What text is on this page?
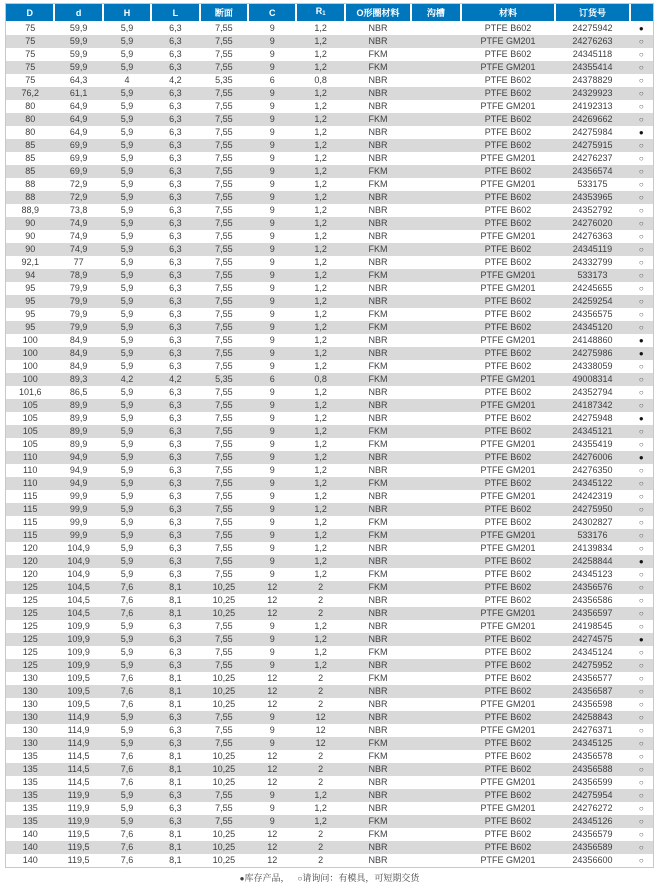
D	d	H	L	断面	C	$R_1$	O形圈材料	沟槽	材料	订货号	
75	59,9	5,9	6,3	7,55	9	1,2	NBR		PTFE B602	24275942	●
75	59,9	5,9	6,3	7,55	9	1,2	NBR		PTFE GM201	24276263	○
75	59,9	5,9	6,3	7,55	9	1,2	FKM		PTFE B602	24345118	○
75	59,9	5,9	6,3	7,55	9	1,2	FKM		PTFE GM201	24355414	○
75	64,3	4	4,2	5,35	6	0,8	NBR		PTFE B602	24378829	○
76,2	61,1	5,9	6,3	7,55	9	1,2	NBR		PTFE B602	24329923	○
80	64,9	5,9	6,3	7,55	9	1,2	NBR		PTFE GM201	24192313	○
80	64,9	5,9	6,3	7,55	9	1,2	FKM		PTFE B602	24269662	○
80	64,9	5,9	6,3	7,55	9	1,2	NBR		PTFE B602	24275984	●
85	69,9	5,9	6,3	7,55	9	1,2	NBR		PTFE B602	24275915	○
85	69,9	5,9	6,3	7,55	9	1,2	NBR		PTFE GM201	24276237	○
85	69,9	5,9	6,3	7,55	9	1,2	FKM		PTFE B602	24356574	○
88	72,9	5,9	6,3	7,55	9	1,2	FKM		PTFE GM201	533175	○
88	72,9	5,9	6,3	7,55	9	1,2	NBR		PTFE B602	24353965	○
88,9	73,8	5,9	6,3	7,55	9	1,2	NBR		PTFE B602	24352792	○
90	74,9	5,9	6,3	7,55	9	1,2	NBR		PTFE B602	24276020	○
90	74,9	5,9	6,3	7,55	9	1,2	NBR		PTFE GM201	24276363	○
90	74,9	5,9	6,3	7,55	9	1,2	FKM		PTFE B602	24345119	○
92,1	77	5,9	6,3	7,55	9	1,2	NBR		PTFE B602	24332799	○
94	78,9	5,9	6,3	7,55	9	1,2	FKM		PTFE GM201	533173	○
95	79,9	5,9	6,3	7,55	9	1,2	NBR		PTFE GM201	24245655	○
95	79,9	5,9	6,3	7,55	9	1,2	NBR		PTFE B602	24259254	○
95	79,9	5,9	6,3	7,55	9	1,2	FKM		PTFE B602	24356575	○
95	79,9	5,9	6,3	7,55	9	1,2	FKM		PTFE B602	24345120	○
100	84,9	5,9	6,3	7,55	9	1,2	NBR		PTFE GM201	24148860	●
100	84,9	5,9	6,3	7,55	9	1,2	NBR		PTFE B602	24275986	●
100	84,9	5,9	6,3	7,55	9	1,2	FKM		PTFE B602	24338059	○
100	89,3	4,2	4,2	5,35	6	0,8	FKM		PTFE GM201	49008314	○
101,6	86,5	5,9	6,3	7,55	9	1,2	NBR		PTFE B602	24352794	○
105	89,9	5,9	6,3	7,55	9	1,2	NBR		PTFE GM201	24187342	○
105	89,9	5,9	6,3	7,55	9	1,2	NBR		PTFE B602	24275948	●
105	89,9	5,9	6,3	7,55	9	1,2	FKM		PTFE B602	24345121	○
105	89,9	5,9	6,3	7,55	9	1,2	FKM		PTFE GM201	24355419	○
110	94,9	5,9	6,3	7,55	9	1,2	NBR		PTFE B602	24276006	●
110	94,9	5,9	6,3	7,55	9	1,2	NBR		PTFE GM201	24276350	○
110	94,9	5,9	6,3	7,55	9	1,2	FKM		PTFE B602	24345122	○
115	99,9	5,9	6,3	7,55	9	1,2	NBR		PTFE GM201	24242319	○
115	99,9	5,9	6,3	7,55	9	1,2	NBR		PTFE B602	24275950	○
115	99,9	5,9	6,3	7,55	9	1,2	FKM		PTFE B602	24302827	○
115	99,9	5,9	6,3	7,55	9	1,2	FKM		PTFE GM201	533176	○
120	104,9	5,9	6,3	7,55	9	1,2	NBR		PTFE GM201	24139834	○
120	104,9	5,9	6,3	7,55	9	1,2	NBR		PTFE B602	24258844	●
120	104,9	5,9	6,3	7,55	9	1,2	FKM		PTFE B602	24345123	○
125	104,5	7,6	8,1	10,25	12	2	FKM		PTFE B602	24356576	○
125	104,5	7,6	8,1	10,25	12	2	NBR		PTFE B602	24356586	○
125	104,5	7,6	8,1	10,25	12	2	NBR		PTFE GM201	24356597	○
125	109,9	5,9	6,3	7,55	9	1,2	NBR		PTFE GM201	24198545	○
125	109,9	5,9	6,3	7,55	9	1,2	NBR		PTFE B602	24274575	●
125	109,9	5,9	6,3	7,55	9	1,2	FKM		PTFE B602	24345124	○
125	109,9	5,9	6,3	7,55	9	1,2	NBR		PTFE B602	24275952	○
130	109,5	7,6	8,1	10,25	12	2	FKM		PTFE B602	24356577	○
130	109,5	7,6	8,1	10,25	12	2	NBR		PTFE B602	24356587	○
130	109,5	7,6	8,1	10,25	12	2	NBR		PTFE GM201	24356598	○
130	114,9	5,9	6,3	7,55	9	12	NBR		PTFE B602	24258843	○
130	114,9	5,9	6,3	7,55	9	12	NBR		PTFE GM201	24276371	○
130	114,9	5,9	6,3	7,55	9	12	FKM		PTFE B602	24345125	○
135	114,5	7,6	8,1	10,25	12	2	FKM		PTFE B602	24356578	○
135	114,5	7,6	8,1	10,25	12	2	NBR		PTFE B602	24356588	○
135	114,5	7,6	8,1	10,25	12	2	NBR		PTFE GM201	24356599	○
135	119,9	5,9	6,3	7,55	9	1,2	NBR		PTFE B602	24275954	○
135	119,9	5,9	6,3	7,55	9	1,2	NBR		PTFE GM201	24276272	○
135	119,9	5,9	6,3	7,55	9	1,2	FKM		PTFE B602	24345126	○
140	119,5	7,6	8,1	10,25	12	2	FKM		PTFE B602	24356579	○
140	119,5	7,6	8,1	10,25	12	2	NBR		PTFE B602	24356589	○
140	119,5	7,6	8,1	10,25	12	2	NBR		PTFE GM201	24356600	○
●库存产品， ○请询问：有模具，可短期交货
